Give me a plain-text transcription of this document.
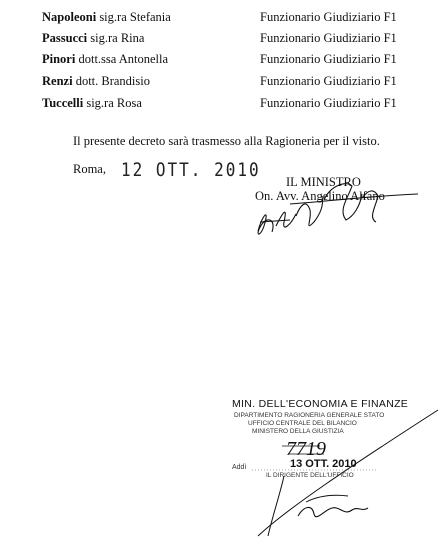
Napoleoni sig.ra Stefania	Funzionario Giudiziario F1
Passucci sig.ra Rina	Funzionario Giudiziario F1
Pinori dott.ssa Antonella	Funzionario Giudiziario F1
Renzi dott. Brandisio	Funzionario Giudiziario F1
Tuccelli sig.ra Rosa	Funzionario Giudiziario F1
Il presente decreto sarà trasmesso alla Ragioneria per il visto.
Roma, 12 OTT. 2010
IL MINISTRO
On. Avv. Angelino Alfano
MIN. DELL'ECONOMIA E FINANZE
DIPARTIMENTO RAGIONERIA GENERALE STATO
UFFICIO CENTRALE DEL BILANCIO
MINISTERO DELLA GIUSTIZIA
7719
Addì	13 OTT. 2010
IL DIRIGENTE DELL'UFFICIO
